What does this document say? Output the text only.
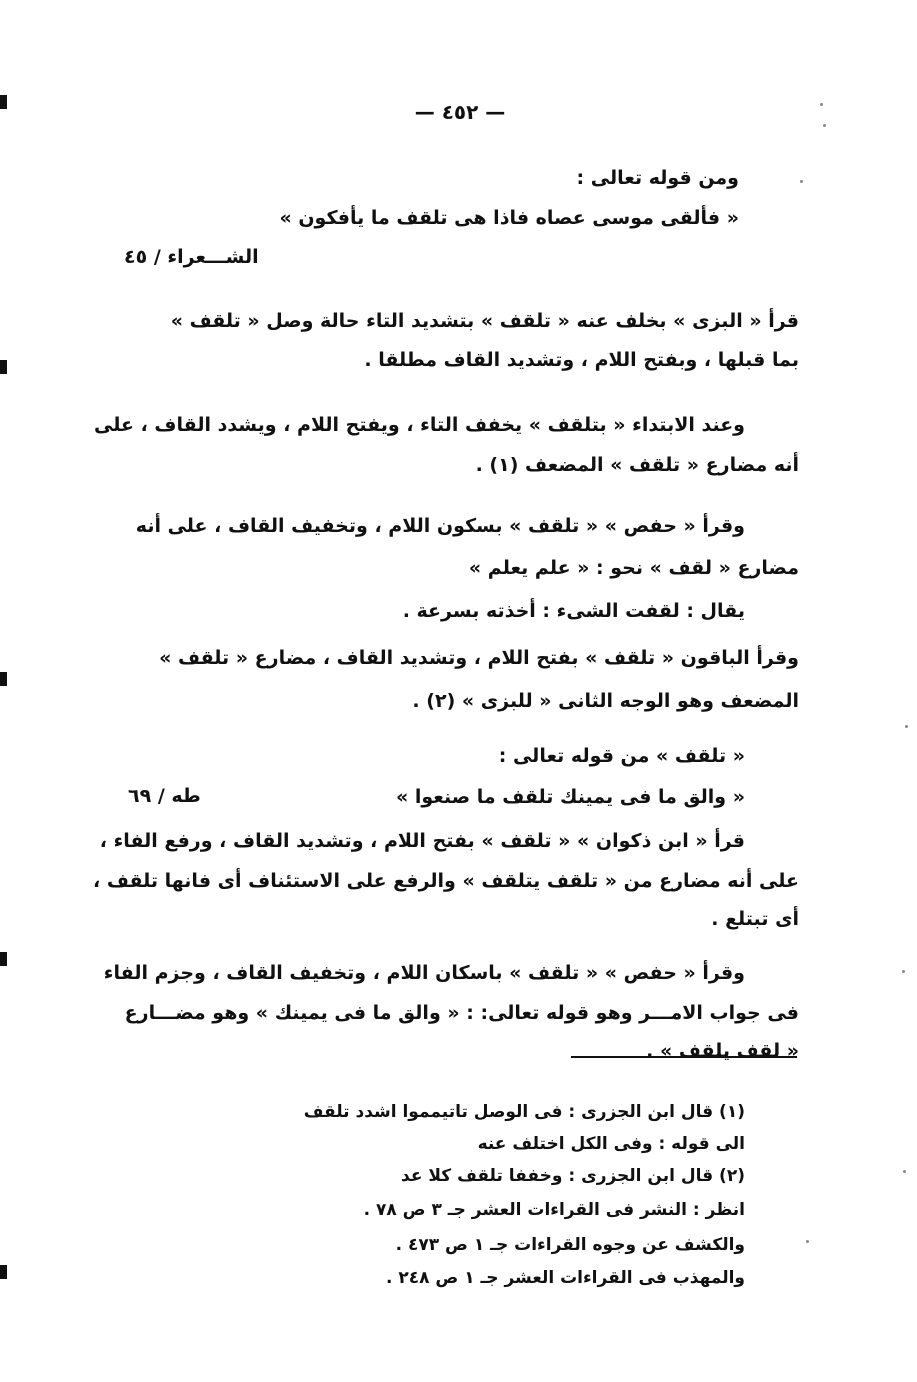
— ٤٥٢ —
ومن قوله تعالى :
« فألقى موسى عصاه فاذا هى تلقف ما يأفكون »
الشـــعراء / ٤٥
قرأ « البزى » بخلف عنه « تلقف » بتشديد التاء حالة وصل « تلقف »
بما قبلها ، وبفتح اللام ، وتشديد القاف مطلقا .
وعند الابتداء « بتلقف » يخفف التاء ، ويفتح اللام ، ويشدد القاف ، على
أنه مضارع « تلقف » المضعف (١) .
وقرأ « حفص » « تلقف » بسكون اللام ، وتخفيف القاف ، على أنه
مضارع « لقف » نحو : « علم يعلم »
يقال : لقفت الشىء : أخذته بسرعة .
وقرأ الباقون « تلقف » بفتح اللام ، وتشديد القاف ، مضارع « تلقف »
المضعف وهو الوجه الثانى « للبزى » (٢) .
« تلقف » من قوله تعالى :
« والق ما فى يمينك تلقف ما صنعوا »
طه / ٦٩
قرأ « ابن ذكوان » « تلقف » بفتح اللام ، وتشديد القاف ، ورفع الفاء ،
على أنه مضارع من « تلقف يتلقف » والرفع على الاستئناف أى فانها تلقف ،
أى تبتلع .
وقرأ « حفص » « تلقف » باسكان اللام ، وتخفيف القاف ، وجزم الفاء
فى جواب الامـــر وهو قوله تعالى: : « والق ما فى يمينك » وهو مضـــارع
« لقف يلقف » .
(١) قال ابن الجزرى : فى الوصل تاتيمموا اشدد تلقف
الى قوله : وفى الكل اختلف عنه
(٢) قال ابن الجزرى : وخففا تلقف كلا عد
انظر : النشر فى القراءات العشر جـ ٣ ص ٧٨ .
والكشف عن وجوه القراءات جـ ١ ص ٤٧٣ .
والمهذب فى القراءات العشر جـ ١ ص ٢٤٨ .
